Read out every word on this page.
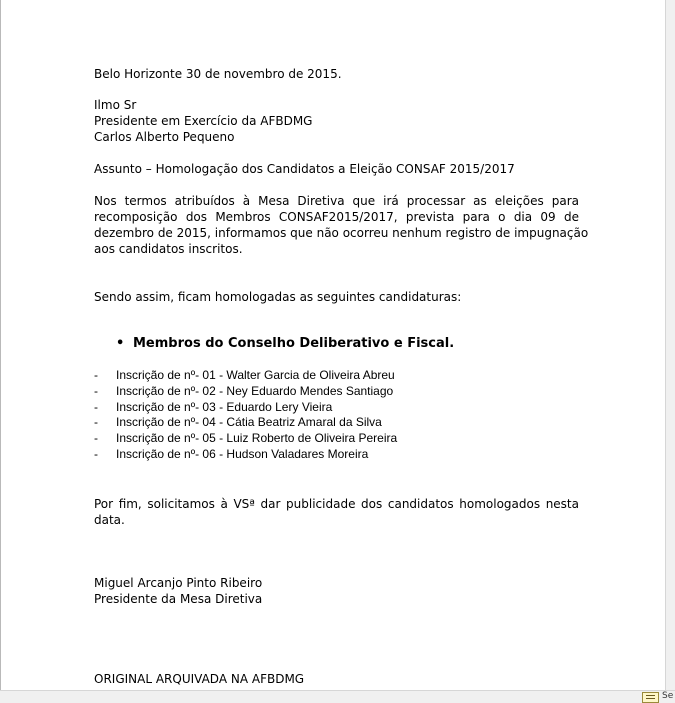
Belo Horizonte 30 de novembro de 2015.
Ilmo Sr
Presidente em Exercício da AFBDMG
Carlos Alberto Pequeno
Assunto – Homologação dos Candidatos a Eleição CONSAF 2015/2017

Nos termos atribuídos à Mesa Diretiva que irá processar as eleições para

recomposição dos Membros CONSAF2015/2017, prevista para o dia 09 de

dezembro de 2015, informamos que não ocorreu nenhum registro de impugnação

aos candidatos inscritos.

Sendo assim, ficam homologadas as seguintes candidaturas:
• Membros do Conselho Deliberativo e Fiscal.
- Inscrição de nº- 01 - Walter Garcia de Oliveira Abreu
- Inscrição de nº- 02 - Ney Eduardo Mendes Santiago
- Inscrição de nº- 03 - Eduardo Lery Vieira
- Inscrição de nº- 04 - Cátia Beatriz Amaral da Silva
- Inscrição de nº- 05 - Luiz Roberto de Oliveira Pereira
- Inscrição de nº- 06 - Hudson Valadares Moreira

Por fim, solicitamos à VSª dar publicidade dos candidatos homologados nesta

data.

Miguel Arcanjo Pinto Ribeiro
Presidente da Mesa Diretiva
ORIGINAL ARQUIVADA NA AFBDMG
Se
